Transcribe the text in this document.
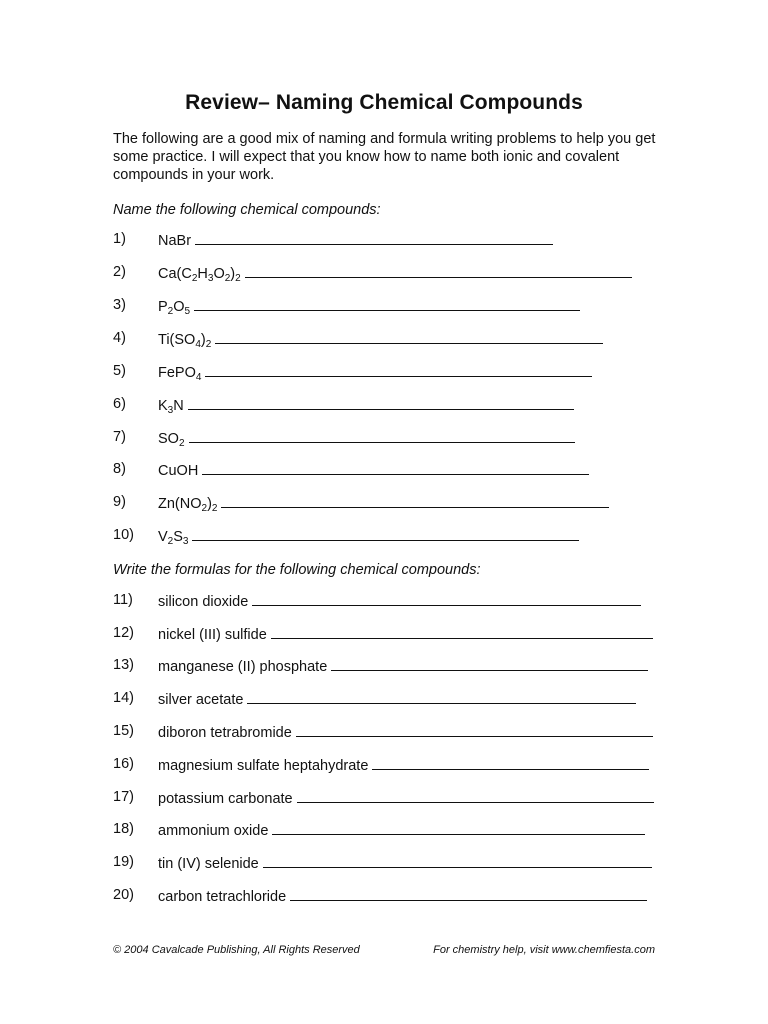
Review– Naming Chemical Compounds
The following are a good mix of naming and formula writing problems to help you get some practice. I will expect that you know how to name both ionic and covalent compounds in your work.
Name the following chemical compounds:
1) NaBr
2) $Ca(C_2H_3O_2)_2$
3) $P_2O_5$
4) $Ti(SO_4)_2$
5) FePO$_4$
6) $K_3N$
7) $SO_2$
8) CuOH
9) $Zn(NO_2)_2$
10) $V_2S_3$
Write the formulas for the following chemical compounds:
11) silicon dioxide
12) nickel (III) sulfide
13) manganese (II) phosphate
14) silver acetate
15) diboron tetrabromide
16) magnesium sulfate heptahydrate
17) potassium carbonate
18) ammonium oxide
19) tin (IV) selenide
20) carbon tetrachloride
© 2004 Cavalcade Publishing, All Rights Reserved	For chemistry help, visit www.chemfiesta.com
